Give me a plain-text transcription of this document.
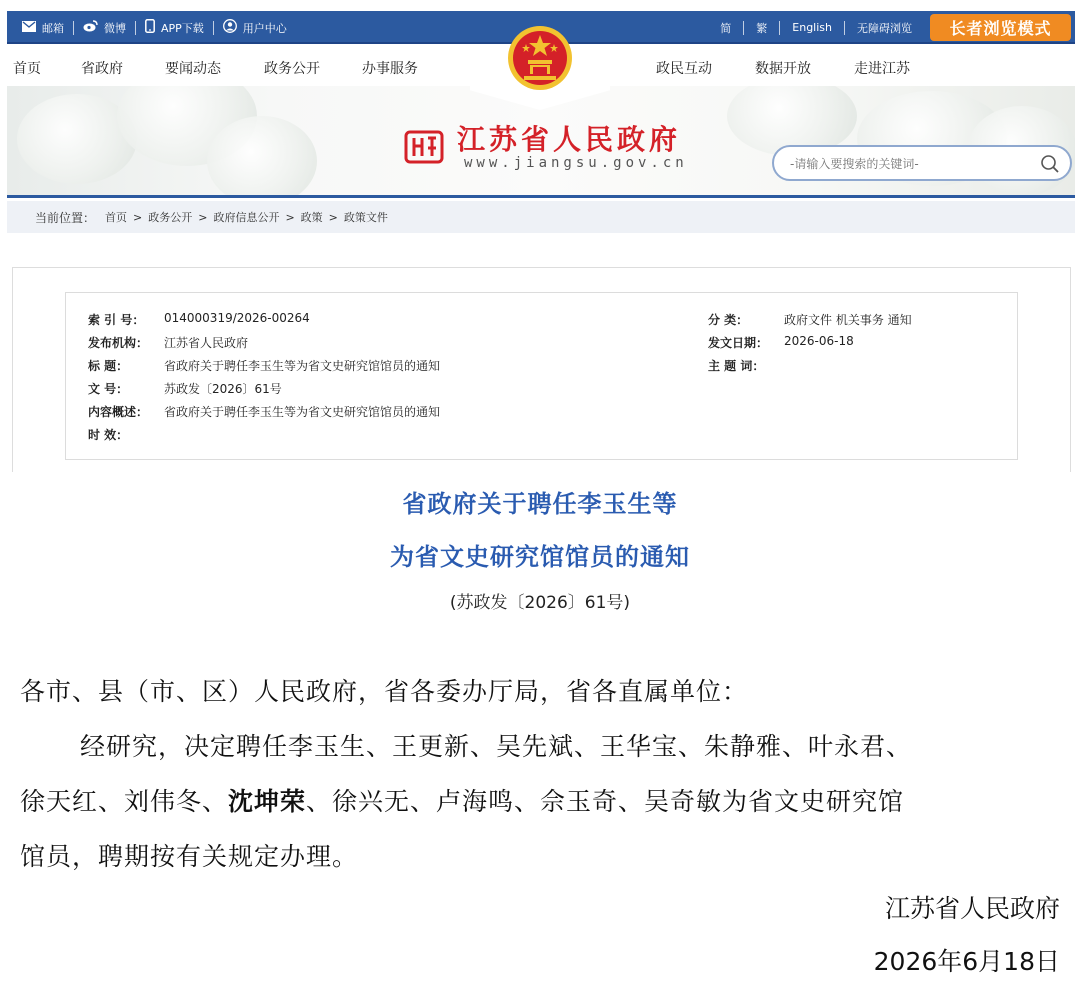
邮箱	微博	APP下载	用户中心	简	繁	English	无障碍浏览	长者浏览模式
首页	省政府	要闻动态	政务公开	办事服务	政民互动	数据开放	走进江苏
江苏省人民政府
www.jiangsu.gov.cn
-请输入要搜索的关键词-
当前位置： 首页 > 政务公开 > 政府信息公开 > 政策 > 政策文件
索 引 号：	014000319/2026-00264
发布机构：	江苏省人民政府
标 题：	省政府关于聘任李玉生等为省文史研究馆馆员的通知
文 号：	苏政发〔2026〕61号
内容概述：	省政府关于聘任李玉生等为省文史研究馆馆员的通知
时 效：
分 类：	政府文件 机关事务 通知
发文日期：	2026-06-18
主 题 词：
省政府关于聘任李玉生等
为省文史研究馆馆员的通知
(苏政发〔2026〕61号)
各市、县（市、区）人民政府，省各委办厅局，省各直属单位：
经研究，决定聘任李玉生、王更新、吴先斌、王华宝、朱静雅、叶永君、
徐天红、刘伟冬、沈坤荣、徐兴无、卢海鸣、佘玉奇、吴奇敏为省文史研究馆
馆员，聘期按有关规定办理。
江苏省人民政府
2026年6月18日
